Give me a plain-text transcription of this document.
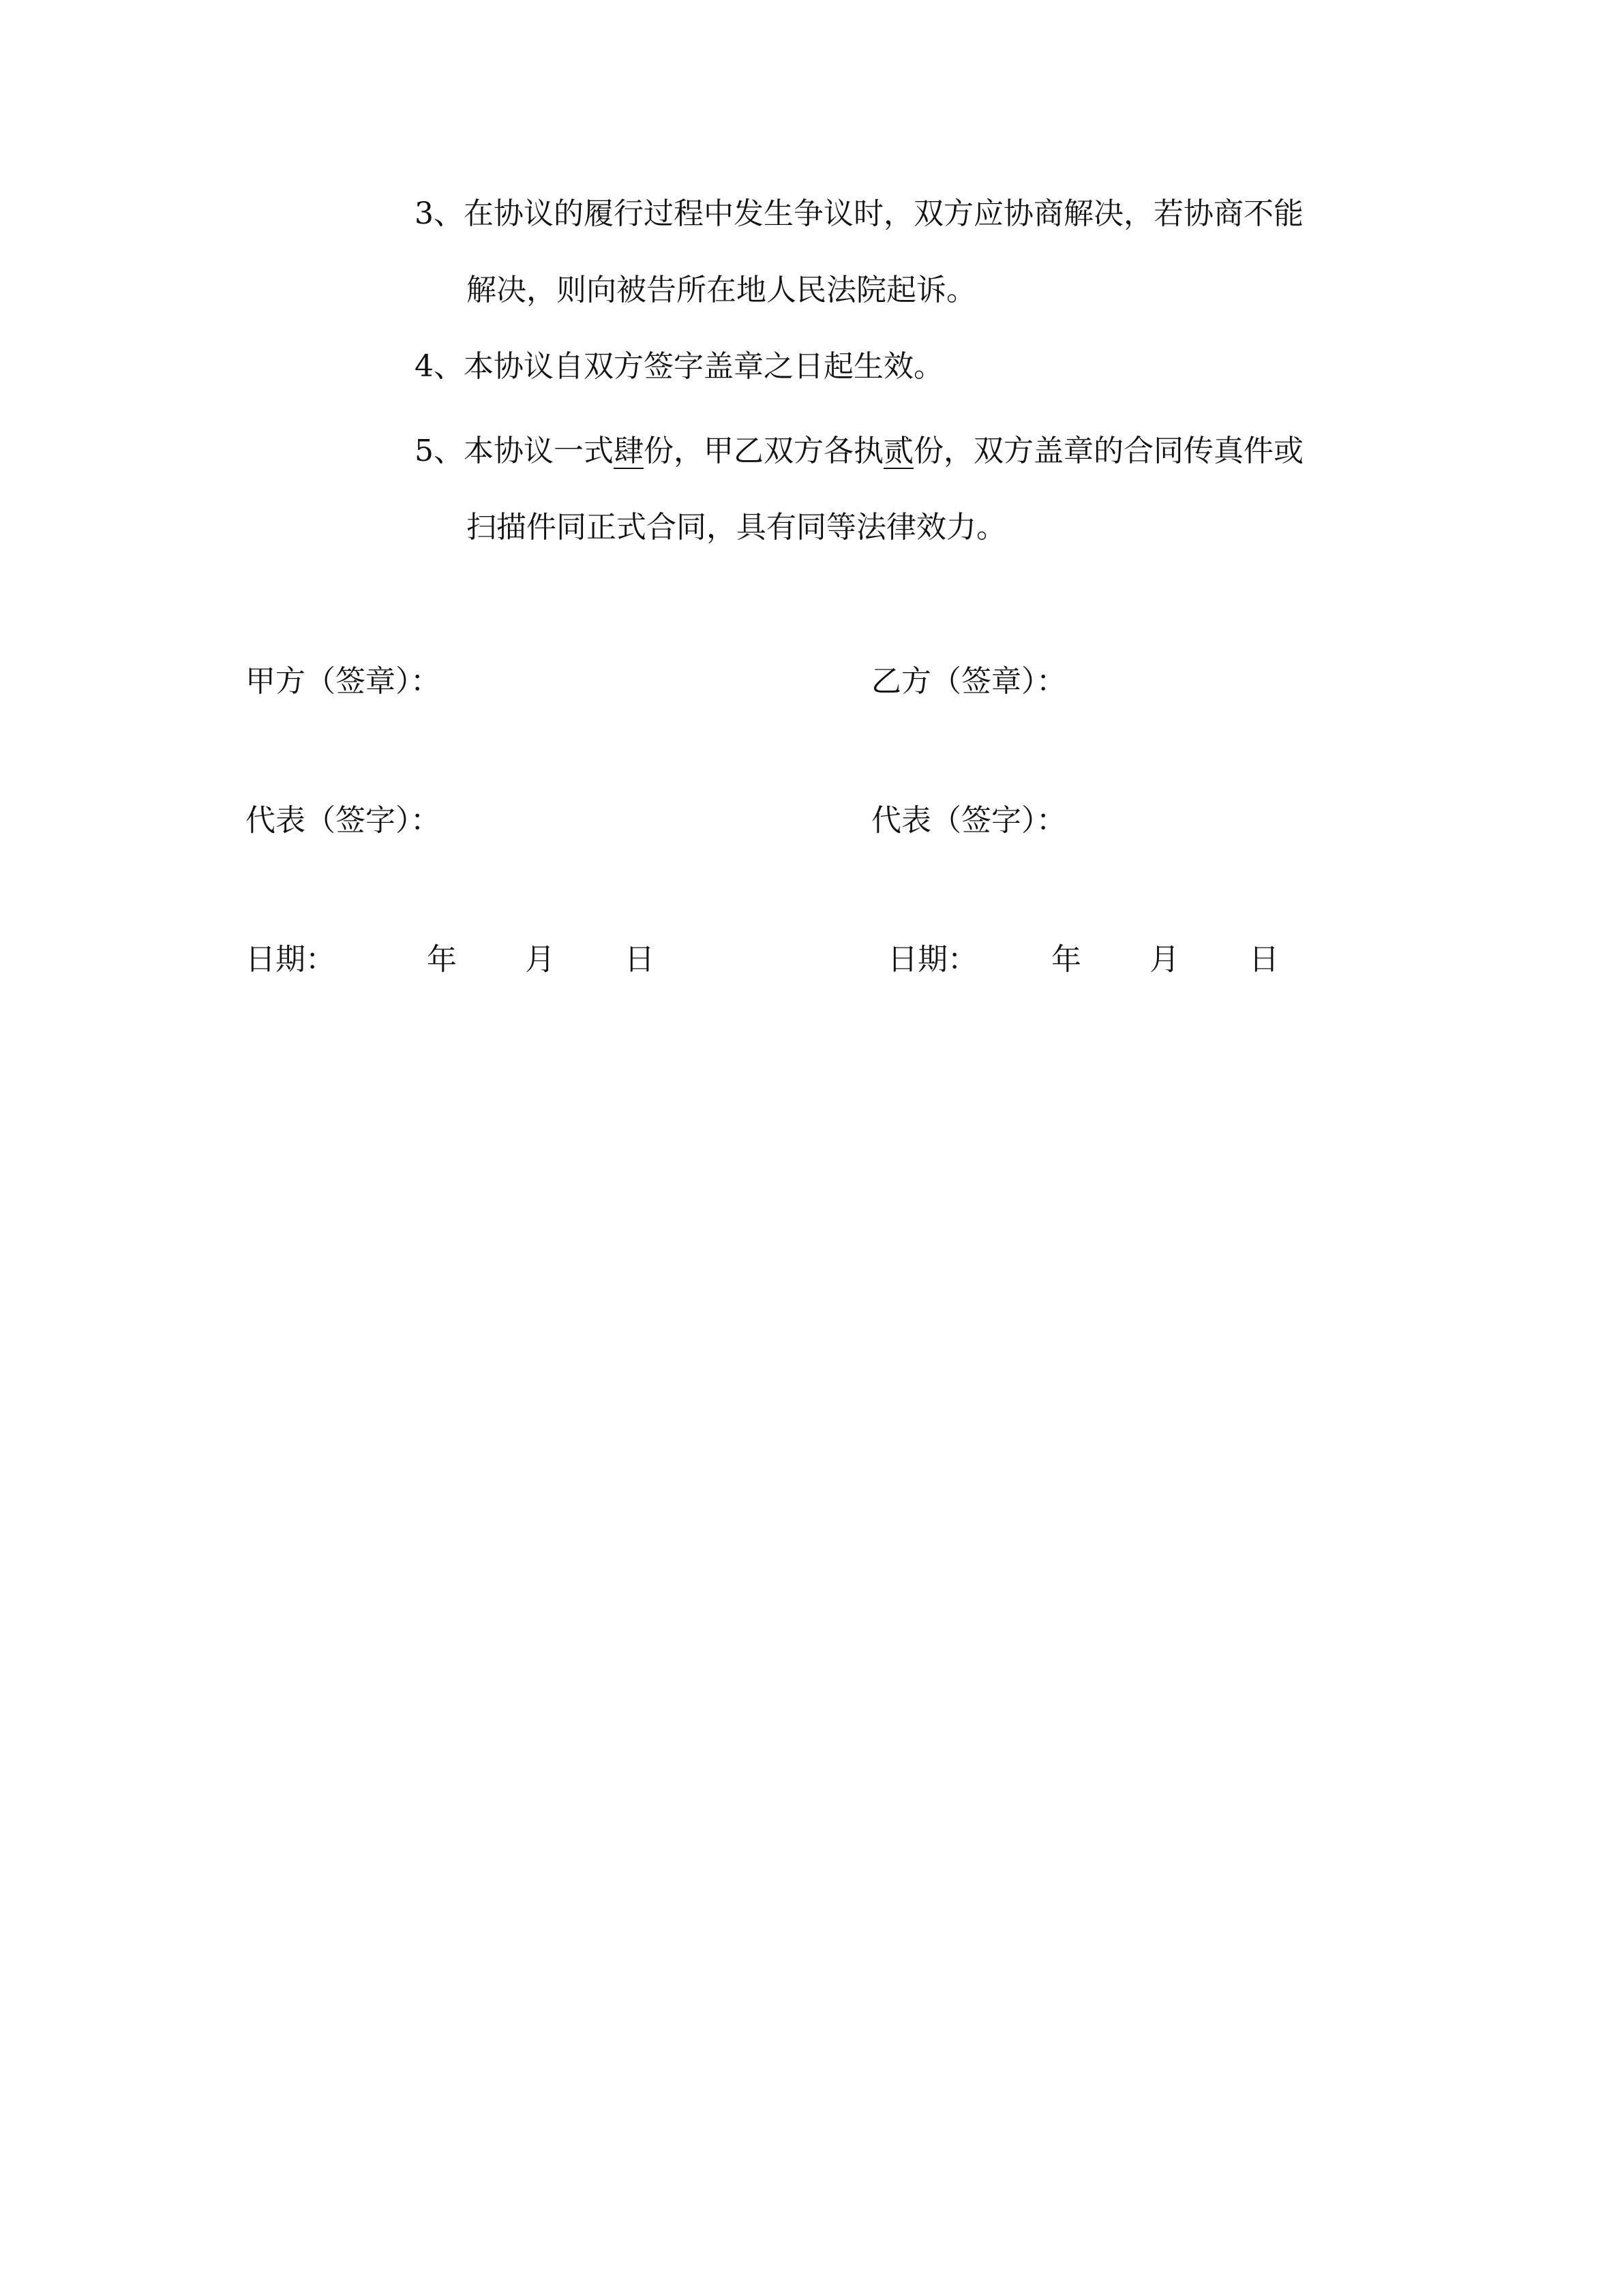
3、在协议的履行过程中发生争议时，双方应协商解决，若协商不能
解决，则向被告所在地人民法院起诉。
4、本协议自双方签字盖章之日起生效。
5、本协议一式肆份，甲乙双方各执贰份，双方盖章的合同传真件或
扫描件同正式合同，具有同等法律效力。
甲方（签章）：	乙方（签章）：
代表（签字）：	代表（签字）：
日期：	年 月 日	日期： 年 月 日
